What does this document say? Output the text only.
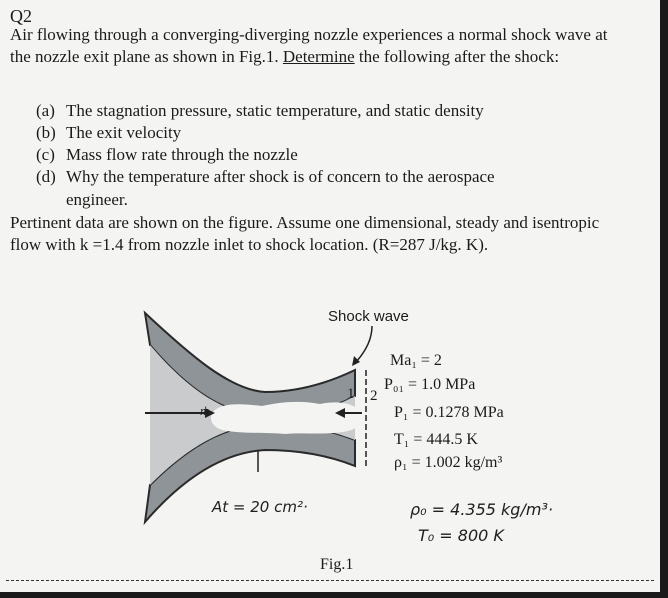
Q2
Air flowing through a converging-diverging nozzle experiences a normal shock wave at the nozzle exit plane as shown in Fig.1. Determine the following after the shock:
(a) The stagnation pressure, static temperature, and static density
(b) The exit velocity
(c) Mass flow rate through the nozzle
(d) Why the temperature after shock is of concern to the aerospace
engineer.
Pertinent data are shown on the figure. Assume one dimensional, steady and isentropic flow with k =1.4 from nozzle inlet to shock location. (R=287 J/kg. K).
Shock wave
1 2
ṁ
Ma₁ = 2
P₀₁ = 1.0 MPa
P₁ = 0.1278 MPa
T₁ = 444.5 K
ρ₁ = 1.002 kg/m³
At = 20 cm²·	ρ₀ = 4.355 kg/m³·
T₀ = 800 K
Fig.1
